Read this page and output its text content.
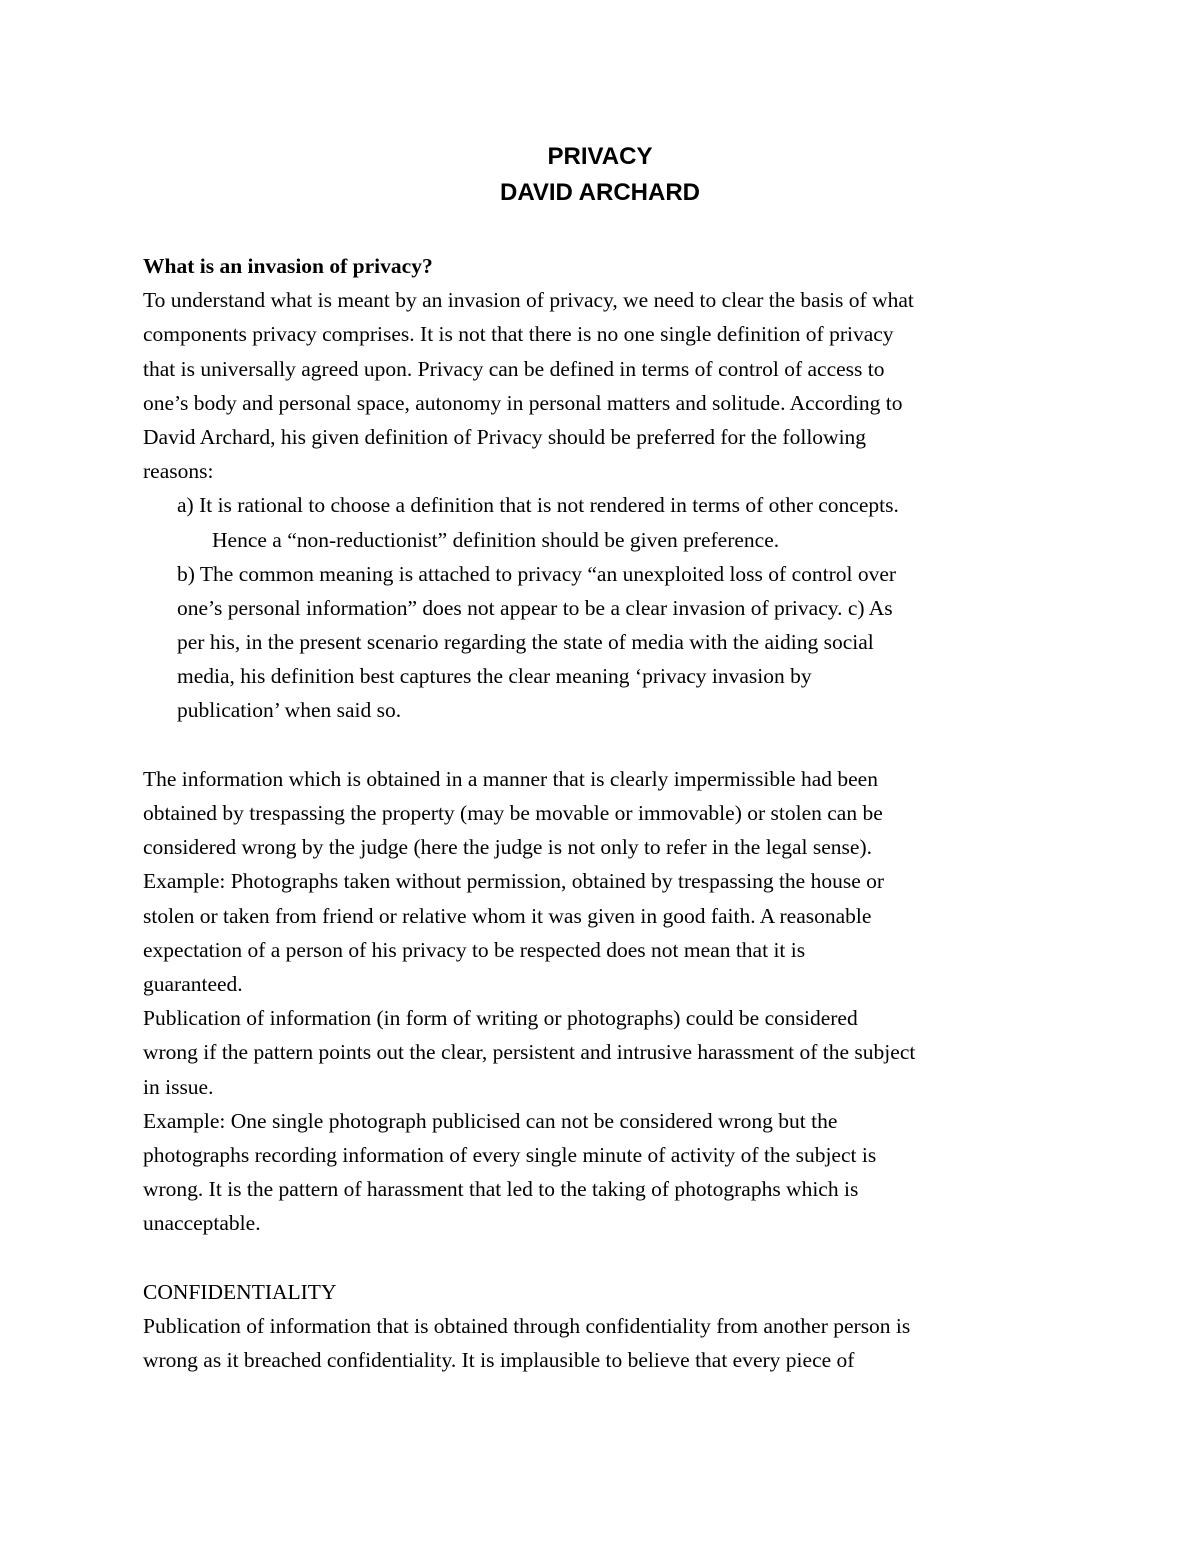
PRIVACY
DAVID ARCHARD
What is an invasion of privacy?
To understand what is meant by an invasion of privacy, we need to clear the basis of what
components privacy comprises. It is not that there is no one single definition of privacy
that is universally agreed upon. Privacy can be defined in terms of control of access to
one’s body and personal space, autonomy in personal matters and solitude. According to
David Archard, his given definition of Privacy should be preferred for the following
reasons:
a) It is rational to choose a definition that is not rendered in terms of other concepts.
Hence a “non-reductionist” definition should be given preference.
b) The common meaning is attached to privacy “an unexploited loss of control over
one’s personal information” does not appear to be a clear invasion of privacy. c) As
per his, in the present scenario regarding the state of media with the aiding social
media, his definition best captures the clear meaning ‘privacy invasion by
publication’ when said so.
The information which is obtained in a manner that is clearly impermissible had been
obtained by trespassing the property (may be movable or immovable) or stolen can be
considered wrong by the judge (here the judge is not only to refer in the legal sense).
Example: Photographs taken without permission, obtained by trespassing the house or
stolen or taken from friend or relative whom it was given in good faith. A reasonable
expectation of a person of his privacy to be respected does not mean that it is
guaranteed.
Publication of information (in form of writing or photographs) could be considered
wrong if the pattern points out the clear, persistent and intrusive harassment of the subject
in issue.
Example: One single photograph publicised can not be considered wrong but the
photographs recording information of every single minute of activity of the subject is
wrong. It is the pattern of harassment that led to the taking of photographs which is
unacceptable.
CONFIDENTIALITY
Publication of information that is obtained through confidentiality from another person is
wrong as it breached confidentiality. It is implausible to believe that every piece of
